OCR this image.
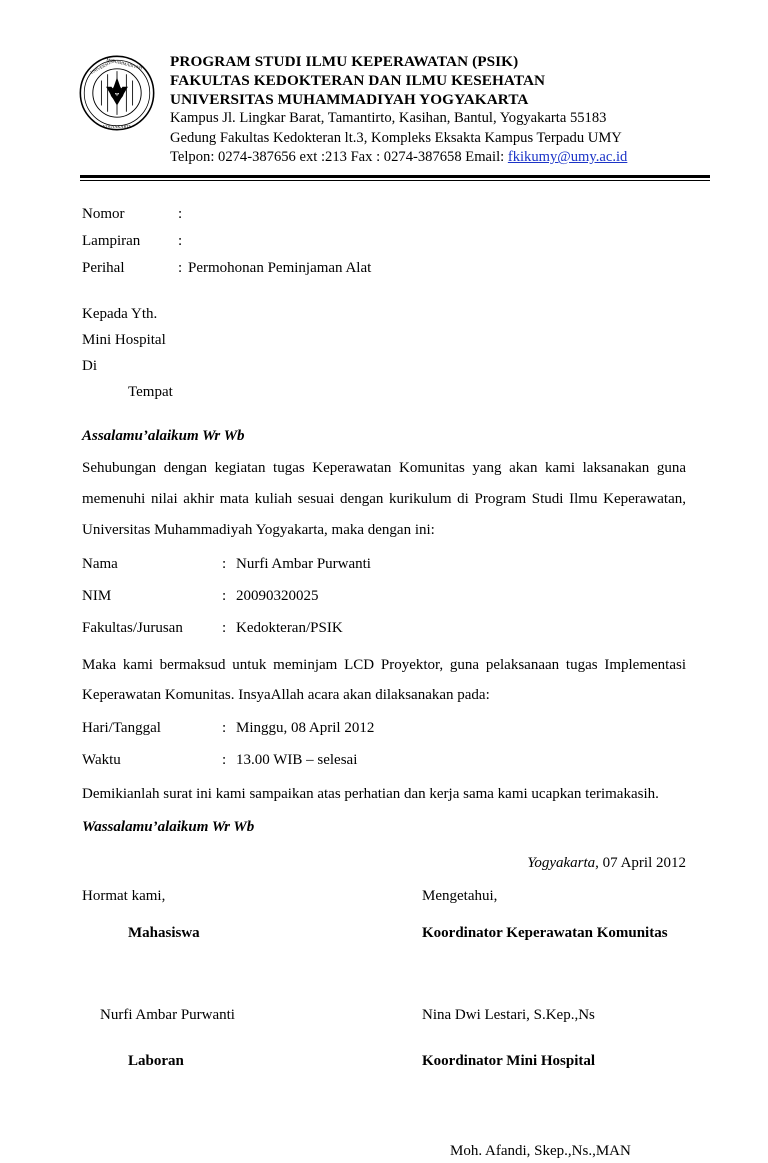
UNIVERSITAS
MUHAMMADIYAH
YOGYAKARTA
PROGRAM STUDI ILMU KEPERAWATAN (PSIK)
FAKULTAS KEDOKTERAN DAN ILMU KESEHATAN
UNIVERSITAS MUHAMMADIYAH YOGYAKARTA
Kampus Jl. Lingkar Barat, Tamantirto, Kasihan, Bantul, Yogyakarta 55183
Gedung Fakultas Kedokteran lt.3, Kompleks Eksakta Kampus Terpadu UMY
Telpon: 0274-387656 ext :213 Fax : 0274-387658 Email: fkikumy@umy.ac.id
Nomor	:
Lampiran	:
Perihal	: Permohonan Peminjaman Alat
Kepada Yth.
Mini Hospital
Di
Tempat
Assalamu’alaikum Wr Wb
Sehubungan dengan kegiatan tugas Keperawatan Komunitas yang akan kami laksanakan guna memenuhi nilai akhir mata kuliah sesuai dengan kurikulum di Program Studi Ilmu Keperawatan, Universitas Muhammadiyah Yogyakarta, maka dengan ini:
Nama	: Nurfi Ambar Purwanti
NIM	: 20090320025
Fakultas/Jurusan	: Kedokteran/PSIK
Maka kami bermaksud untuk meminjam LCD Proyektor, guna pelaksanaan tugas Implementasi Keperawatan Komunitas. InsyaAllah acara akan dilaksanakan pada:
Hari/Tanggal	: Minggu, 08 April 2012
Waktu	: 13.00 WIB – selesai
Demikianlah surat ini kami sampaikan atas perhatian dan kerja sama kami ucapkan terimakasih.
Wassalamu’alaikum Wr Wb
Yogyakarta, 07 April 2012
Hormat kami,
Mahasiswa
Nurfi Ambar Purwanti
Laboran
Mengetahui,
Koordinator Keperawatan Komunitas
Nina Dwi Lestari, S.Kep.,Ns
Koordinator Mini Hospital
Moh. Afandi, Skep.,Ns.,MAN
